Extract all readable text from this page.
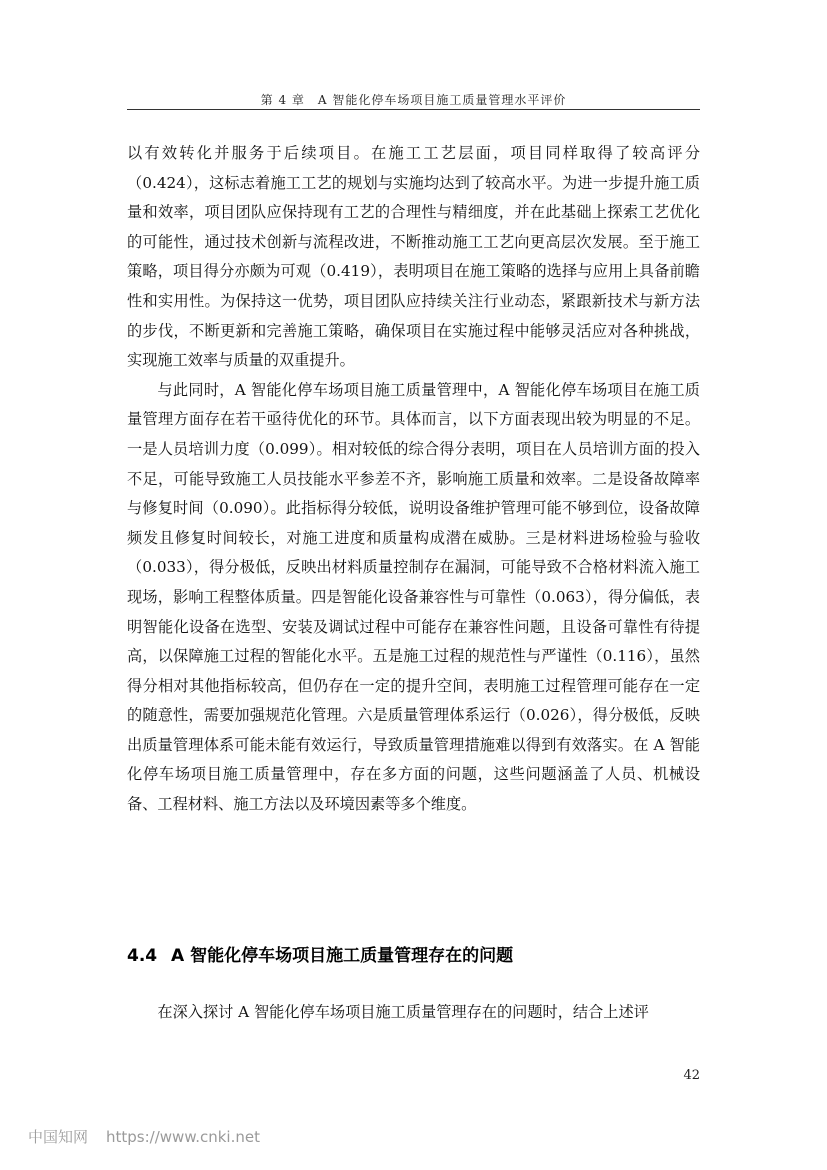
第 4 章　A 智能化停车场项目施工质量管理水平评价

以有效转化并服务于后续项目。在施工工艺层面，项目同样取得了较高评分（0.424），这标志着施工工艺的规划与实施均达到了较高水平。为进一步提升施工质量和效率，项目团队应保持现有工艺的合理性与精细度，并在此基础上探索工艺优化的可能性，通过技术创新与流程改进，不断推动施工工艺向更高层次发展。至于施工策略，项目得分亦颇为可观（0.419），表明项目在施工策略的选择与应用上具备前瞻性和实用性。为保持这一优势，项目团队应持续关注行业动态，紧跟新技术与新方法的步伐，不断更新和完善施工策略，确保项目在实施过程中能够灵活应对各种挑战，实现施工效率与质量的双重提升。

与此同时，A 智能化停车场项目施工质量管理中，A 智能化停车场项目在施工质量管理方面存在若干亟待优化的环节。具体而言，以下方面表现出较为明显的不足。一是人员培训力度（0.099）。相对较低的综合得分表明，项目在人员培训方面的投入不足，可能导致施工人员技能水平参差不齐，影响施工质量和效率。二是设备故障率与修复时间（0.090）。此指标得分较低，说明设备维护管理可能不够到位，设备故障频发且修复时间较长，对施工进度和质量构成潜在威胁。三是材料进场检验与验收（0.033），得分极低，反映出材料质量控制存在漏洞，可能导致不合格材料流入施工现场，影响工程整体质量。四是智能化设备兼容性与可靠性（0.063），得分偏低，表明智能化设备在选型、安装及调试过程中可能存在兼容性问题，且设备可靠性有待提高，以保障施工过程的智能化水平。五是施工过程的规范性与严谨性（0.116），虽然得分相对其他指标较高，但仍存在一定的提升空间，表明施工过程管理可能存在一定的随意性，需要加强规范化管理。六是质量管理体系运行（0.026），得分极低，反映出质量管理体系可能未能有效运行，导致质量管理措施难以得到有效落实。在 A 智能化停车场项目施工质量管理中，存在多方面的问题，这些问题涵盖了人员、机械设备、工程材料、施工方法以及环境因素等多个维度。

4.4 A 智能化停车场项目施工质量管理存在的问题

在深入探讨 A 智能化停车场项目施工质量管理存在的问题时，结合上述评

42
中国知网 https://www.cnki.net
